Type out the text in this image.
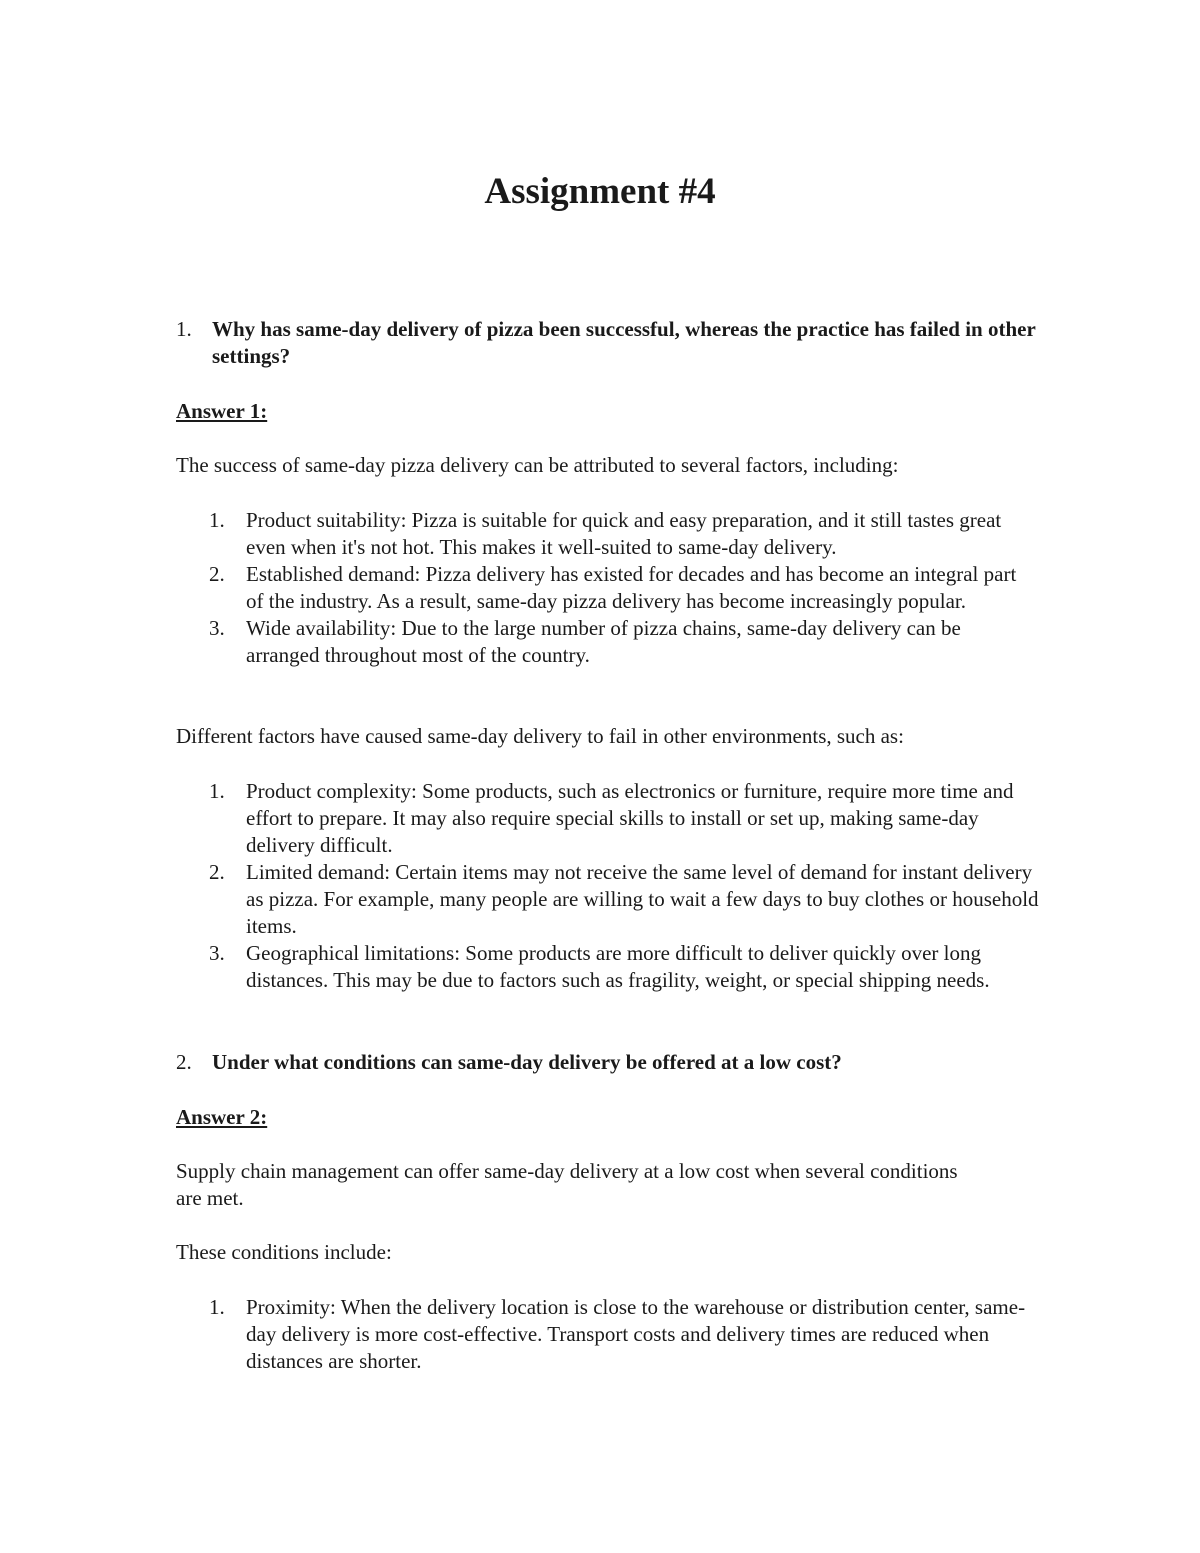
Assignment #4
1. Why has same-day delivery of pizza been successful, whereas the practice has failed in other settings?
Answer 1:
The success of same-day pizza delivery can be attributed to several factors, including:
1. Product suitability: Pizza is suitable for quick and easy preparation, and it still tastes great even when it's not hot. This makes it well-suited to same-day delivery.
2. Established demand: Pizza delivery has existed for decades and has become an integral part of the industry. As a result, same-day pizza delivery has become increasingly popular.
3. Wide availability: Due to the large number of pizza chains, same-day delivery can be arranged throughout most of the country.
Different factors have caused same-day delivery to fail in other environments, such as:
1. Product complexity: Some products, such as electronics or furniture, require more time and effort to prepare. It may also require special skills to install or set up, making same-day delivery difficult.
2. Limited demand: Certain items may not receive the same level of demand for instant delivery as pizza. For example, many people are willing to wait a few days to buy clothes or household items.
3. Geographical limitations: Some products are more difficult to deliver quickly over long distances. This may be due to factors such as fragility, weight, or special shipping needs.
2. Under what conditions can same-day delivery be offered at a low cost?
Answer 2:
Supply chain management can offer same-day delivery at a low cost when several conditions are met.
These conditions include:
1. Proximity: When the delivery location is close to the warehouse or distribution center, same-day delivery is more cost-effective. Transport costs and delivery times are reduced when distances are shorter.
